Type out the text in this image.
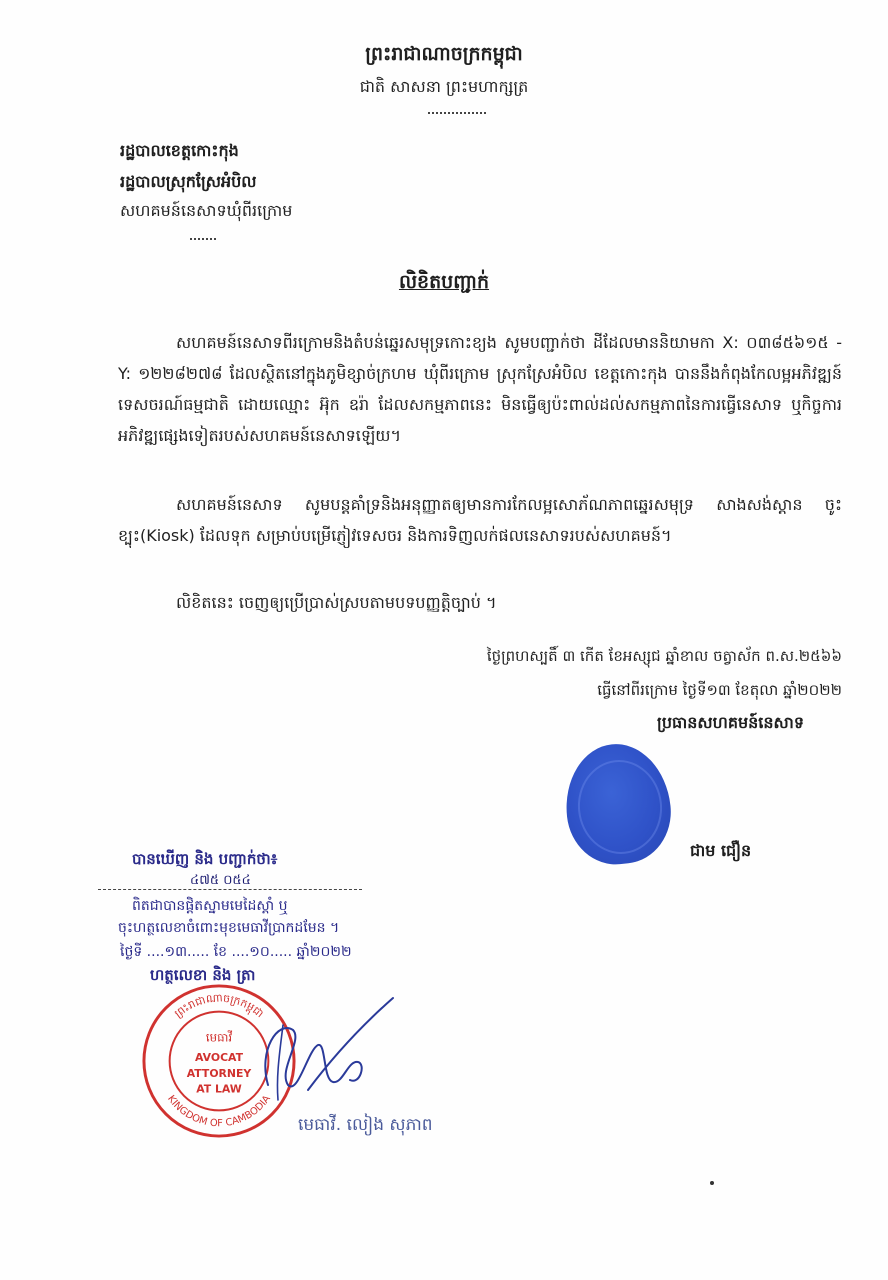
ព្រះរាជាណាចក្រកម្ពុជា
ជាតិ សាសនា ព្រះមហាក្សត្រ
រដ្ឋបាលខេត្តកោះកុង
រដ្ឋបាលស្រុកស្រែអំបិល
សហគមន៍នេសាទឃុំពីរក្រោម
លិខិតបញ្ជាក់
សហគមន៍នេសាទពីរក្រោមនិងតំបន់ឆ្នេរសមុទ្រកោះខ្យង សូមបញ្ជាក់ថា ដីដែលមាននិយាមកា X: ០៣៨៥៦១៥ - Y: ១២២៨២៧៨ ដែលស្ថិតនៅក្នុងភូមិខ្សាច់ក្រហម ឃុំពីរក្រោម ស្រុកស្រែអំបិល ខេត្តកោះកុង បាននឹងកំពុងកែលម្អអភិវឌ្ឍន៍ទេសចរណ៍ធម្មជាតិ ដោយឈ្មោះ អ៊ុក ឧរ៉ា ដែលសកម្មភាពនេះ មិនធ្វើឲ្យប៉ះពាល់ដល់សកម្មភាពនៃការធ្វើនេសាទ ឬកិច្ចការអភិវឌ្ឍផ្សេងទៀតរបស់សហគមន៍នេសាទឡើយ។
សហគមន៍នេសាទ សូមបន្តគាំទ្រនិងអនុញ្ញាតឲ្យមានការកែលម្អសោភ័ណភាពឆ្នេរសមុទ្រ សាងសង់ស្តាន ចូះ ខ្បុះ(Kiosk) ដែលទុក សម្រាប់បម្រើភ្ញៀវទេសចរ និងការទិញលក់ផលនេសាទរបស់សហគមន៍។
លិខិតនេះ ចេញឲ្យប្រើប្រាស់ស្របតាមបទបញ្ញត្តិច្បាប់ ។
ថ្ងៃព្រហស្បតិ៍ ៣ កើត ខែអស្សុជ ឆ្នាំខាល ចត្វាស័ក ព.ស.២៥៦៦
ធ្វើនៅពីរក្រោម ថ្ងៃទី១៣ ខែតុលា ឆ្នាំ២០២២
ប្រធានសហគមន៍នេសាទ
ជាម ជឿន
បានឃើញ និង បញ្ជាក់ថា៖
៤៧៥ ០៥៤
ពិតជាបានផ្តិតស្នាមមេដៃស្តាំ ឬ
ចុះហត្ថលេខាចំពោះមុខមេធាវីប្រាកដមែន ។
ថ្ងៃទី ....១៣..... ខែ ....១០..... ឆ្នាំ២០២២
ហត្ថលេខា និង ត្រា
ព្រះរាជាណាចក្រកម្ពុជា
KINGDOM OF CAMBODIA
មេធាវី
AVOCAT
ATTORNEY
AT LAW
មេធាវី. លៀង សុភាព
